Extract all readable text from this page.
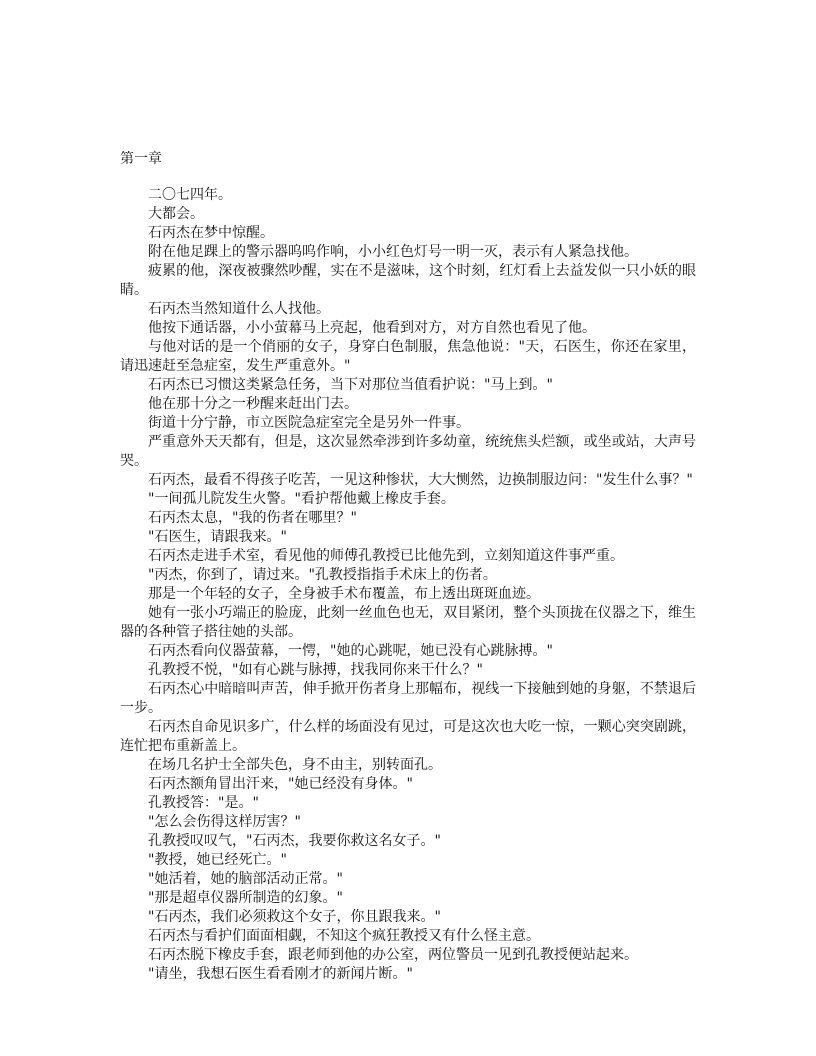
第一章

二〇七四年。

大都会。

石丙杰在梦中惊醒。

附在他足踝上的警示器呜呜作响，小小红色灯号一明一灭，表示有人紧急找他。

疲累的他，深夜被骤然吵醒，实在不是滋味，这个时刻，红灯看上去益发似一只小妖的眼睛。

石丙杰当然知道什么人找他。

他按下通话器，小小萤幕马上亮起，他看到对方，对方自然也看见了他。

与他对话的是一个俏丽的女子，身穿白色制服，焦急他说："天，石医生，你还在家里，请迅速赶至急症室，发生严重意外。"

石丙杰已习惯这类紧急任务，当下对那位当值看护说："马上到。"

他在那十分之一秒醒来赶出门去。

街道十分宁静，市立医院急症室完全是另外一件事。

严重意外天天都有，但是，这次显然牵涉到许多幼童，统统焦头烂额，或坐或站，大声号哭。

石丙杰，最看不得孩子吃苦，一见这种惨状，大大恻然，边换制服边问："发生什么事？"

"一间孤儿院发生火警。"看护帮他戴上橡皮手套。

石丙杰太息，"我的伤者在哪里？"

"石医生，请跟我来。"

石丙杰走进手术室，看见他的师傅孔教授已比他先到，立刻知道这件事严重。

"丙杰，你到了，请过来。"孔教授指指手术床上的伤者。

那是一个年轻的女子，全身被手术布覆盖，布上透出斑斑血迹。

她有一张小巧端正的脸庞，此刻一丝血色也无，双目紧闭，整个头顶拢在仪器之下，维生器的各种管子搭往她的头部。

石丙杰看向仪器萤幕，一愕，"她的心跳呢，她已没有心跳脉搏。"

孔教授不悦，"如有心跳与脉搏，找我同你来干什么？"

石丙杰心中暗暗叫声苦，伸手掀开伤者身上那幅布，视线一下接触到她的身躯，不禁退后一步。

石丙杰自命见识多广，什么样的场面没有见过，可是这次也大吃一惊，一颗心突突剧跳，连忙把布重新盖上。

在场几名护士全部失色，身不由主，别转面孔。

石丙杰额角冒出汗来，"她已经没有身体。"

孔教授答："是。"

"怎么会伤得这样厉害？"

孔教授叹叹气，"石丙杰，我要你救这名女子。"

"教授，她已经死亡。"

"她活着，她的脑部活动正常。"

"那是超卓仪器所制造的幻象。"

"石丙杰，我们必须救这个女子，你且跟我来。"

石丙杰与看护们面面相觑，不知这个疯狂教授又有什么怪主意。

石丙杰脱下橡皮手套，跟老师到他的办公室，两位警员一见到孔教授便站起来。

"请坐，我想石医生看看刚才的新闻片断。"
